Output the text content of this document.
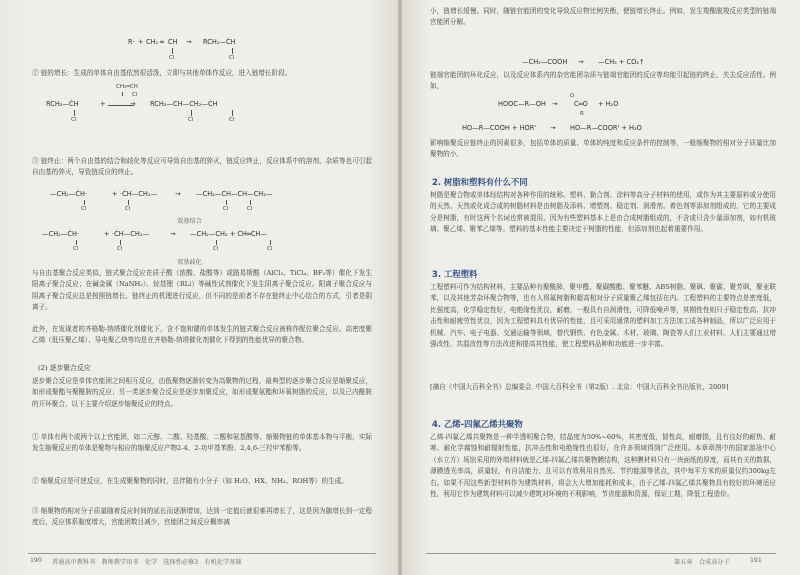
R· + CH₂ ═ CH → RCH₂—ĊH
Cl	Cl

② 链的增长：生成的单体自由基依然很活泼，立即与其他单体作反应，进入链增长阶段。

CH₂═CH
Cl
RCH₂—ĊH	+	→ RCH₂—CH—CH₂—ĊH
Cl	Cl	Cl

③ 链终止：两个自由基的结合和歧化等反应可导致自由基的猝灭，链反应终止，反应体系中的溶剂、杂质等也可引起自由基的猝灭，导致链反应的终止。

—CH₂—ĊH·	+ ·ĊH—CH₂—	→ —CH₂—CH—CH—CH₂—
Cl	Cl	Cl	Cl
双基结合
—CH₂—ĊH·	+ ·ĊH—CH₂—	→ —CH₂—CH₂ + CH═CH—
Cl	Cl	Cl	Cl
双基歧化

与自由基聚合反应类似，链式聚合反应在质子酸（浓酸、盐酸等）或路易斯酸（AlCl₃、TiCl₄、BF₃等）催化下发生阳离子聚合反应；在碱金属（NaNH₂）、烷基锂（RLi）等碱性试剂催化下发生阴离子聚合反应。阳离子聚合反应与阴离子聚合反应总是按照链增长、链终止的机理进行反应，但不同的是前者不存在链终止中心结合的方式，引者是阴离子。

此外，在发现者的齐格勒-纳塔催化剂催化下，含不饱和键的单体发生的链式聚合反应被称作配位聚合反应。高密度聚乙烯（低压聚乙烯）、导电聚乙炔等均是在齐格勒-纳塔催化剂催化下得到的性能优异的聚合物。

(2) 逐步聚合反应

逐步聚合反应是单体官能团之间相互反应，由低聚物逐渐转变为高聚物的过程，最典型的逐步聚合反应是缩聚反应，如形成聚酯与聚酰胺的反应；另一类逐步聚合反应是逐步加聚反应，如形成聚氨酯和环氧树脂的反应，以及己内酰胺的开环聚合，以下主要介绍逐步缩聚反应的特点。

① 单体有两个或两个以上官能团，如二元醇、二酸、羟基酸、二酸和氨基酸等。缩聚物链的单体基本物与平衡，实际发生缩聚反应的单体是聚物与相应的缩聚反应产物2-4、2-功甲基苯酚、2,4,6-三羟甲苯酚等。

② 缩聚反应是可逆反应，在生成聚聚物的同时，总伴随有小分子（如 H₂O、HX、NH₃、ROH等）的生成。

③ 缩聚物的相对分子质量随着反应时间的延长而逐渐增加，达到一定值后就很难再增长了，这是因为随增长到一定程度后，反应体系黏度增大，官能团数目减少，官能团之间反应概率减

190 普通高中教科书　教师教学用书　化学　选择性必修3　有机化学基础

小，链增长缓慢。同时，随链官能团的变化导致反应物比例失衡，使链增长终止。例如，发生羧酸脱羧反应类型的链端官能团分解。

—CH₂—COOH → —CH₃ + CO₂↑

链端官能团的环化反应，以及反应体系内的杂官能团杂质与链端官能团的反应等均能引起链的终止，失去反应活性。例如，

HOOC—R—OH →
O
C═O + H₂O
R
HO—R—COOH + HOR' → HO—R—COOR' + H₂O

影响缩聚反应链终止的因素很多，包括单体的质量、单体的纯度和反应条件的控制等，一般缩聚物的相对分子质量比加聚物的小。

2. 树脂和塑料有什么不同

树脂是聚合物或单体经结构对各种作用的统称。塑料、黏合剂、涂料等高分子材料的使用，或作为其主要原料或分使用的天然、天然或化成合成的树脂材料是由树脂及添料、增塑剂、稳定剂、润滑剂、着色剂等添加剂组成的，它的主要成分是树脂，有时这两个名词也常被混用，因为有些塑料基本上是由合成树脂组成的，不含或只含少量添加剂，如有机玻璃、聚乙烯、聚苯乙烯等。塑料的基本性能主要决定于树脂的性能，但添加剂也起着重要作用。

3. 工程塑料

工程塑料可作为结构材料，主要品种有聚酰胺、聚甲醛、聚碳酸酯、聚苯醚、ABS树脂、聚砜、聚碳、聚芳砜，聚亚联苯，以及其他芳杂环聚合物等，也有人将氟树脂和超高相对分子质量聚乙烯包括在内。工程塑料的主要特点是密度低，比强度高，化学稳定性好，电绝缘性优良，耐磨，一般具有自润滑性，可降低噪声等，其刚性性则只于稳定性高、抗冲击性和耐疲劳性优良，因为工程塑料具有优异的性能，且可采用通常的塑料加工方法加工成各种制品，所以广泛应用于机械、汽车、电子电器、交通运输等领域，替代钢铁、有色金属、木材、玻璃、陶瓷等人们工业材料，人们主要通过增强改性、共混改性等方法改进和提高其性能，使工程塑料品种和功能进一步丰富。

[摘自《中国大百科全书》总编委会. 中国大百科全书（第2版）. 北京：中国大百科全书出版社，2009]

4. 乙烯-四氟乙烯共聚物

乙烯-四氟乙烯共聚物是一种半透明聚合物，结晶度为50%~60%，其密度低，韧性高，耐磨损，且有良好的耐热、耐寒、耐化学腐蚀和耐辐射性能，抗冲击性和电绝缘性也很好，在许多领域得到广泛使用。本章章图中的国家游泳中心（水立方）场馆采用的外墙材料就是乙烯-四氟乙烯共聚物膜结构，这种膜材料只有一块面纸的厚度，而其有关的数据，薄膜透光率高，质量轻，有自洁能力，且可以有效利用自然光、节约能源等优点，其中每平方米的质量仅约300kg左右。如果不用这些新型材料作为建筑材料，将会大大增加能耗和成本，由于乙烯-四氟乙烯共聚物具有较好的环境适应性，利用它作为建筑材料可以减少建筑对环境的不利影响，节省能源和资源，保证工期，降低工程造价。

第五章　合成高分子	191
